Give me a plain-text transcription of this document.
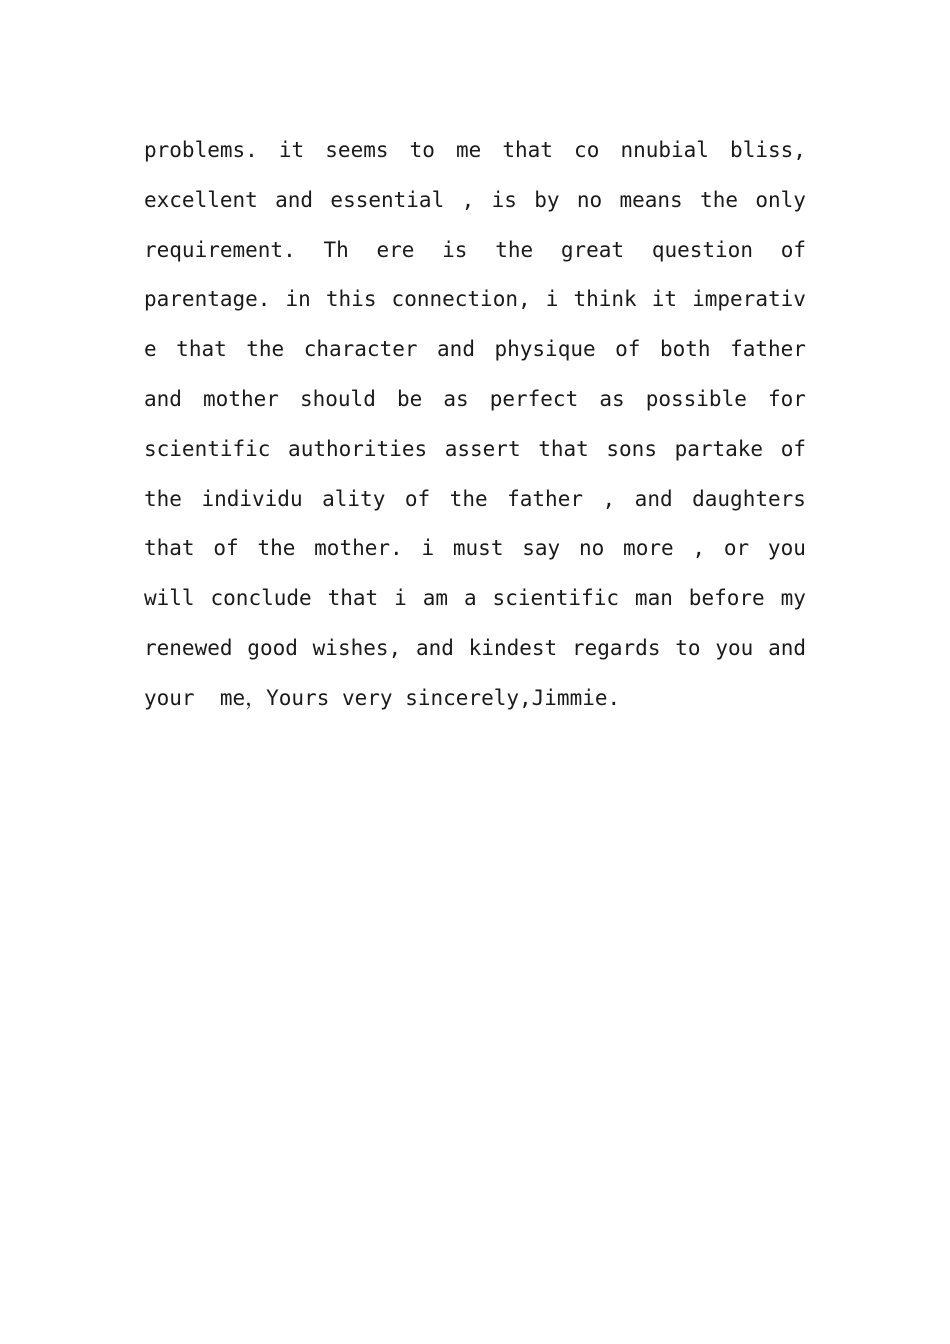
problems. it seems to me that co nnubial bliss,
excellent and essential , is by no means the only
requirement. Th ere is the great question of
parentage. in this connection, i think it imperativ
e that the character and physique of both father
and mother should be as perfect as possible for
scientific authorities assert that sons partake of
the individu ality of the father , and daughters
that of the mother. i must say no more , or you
will conclude that i am a scientific man before my
renewed good wishes, and kindest regards to you and
your  me，Yours very sincerely,Jimmie.
